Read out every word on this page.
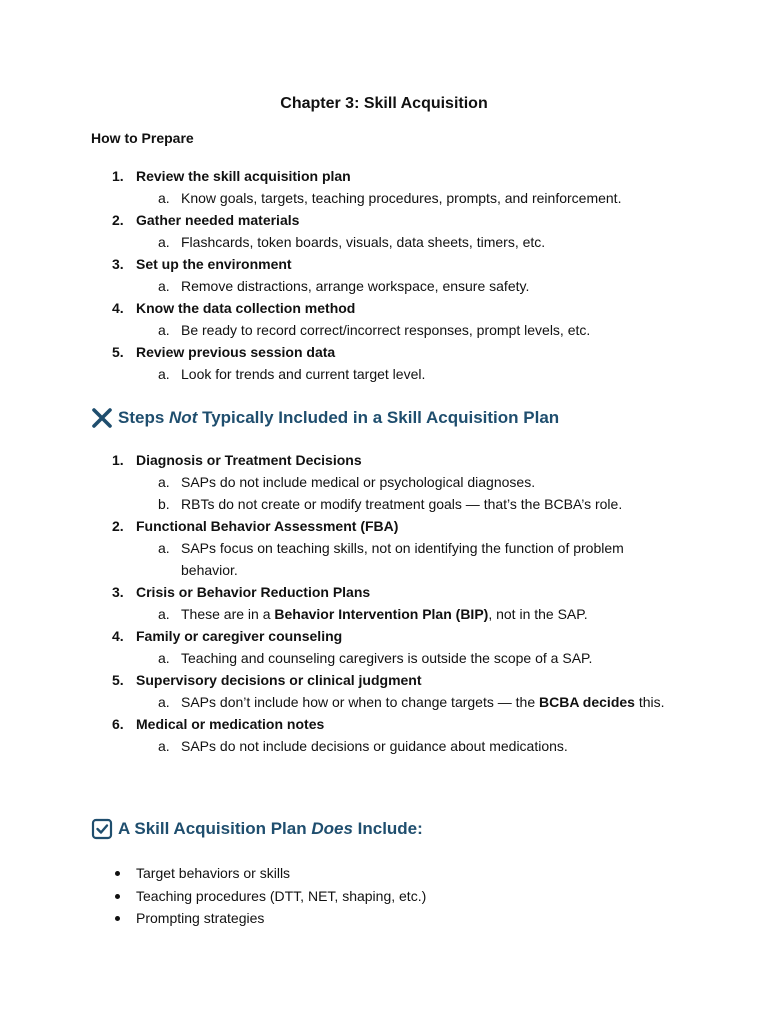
Chapter 3: Skill Acquisition
How to Prepare
1. Review the skill acquisition plan
a. Know goals, targets, teaching procedures, prompts, and reinforcement.
2. Gather needed materials
a. Flashcards, token boards, visuals, data sheets, timers, etc.
3. Set up the environment
a. Remove distractions, arrange workspace, ensure safety.
4. Know the data collection method
a. Be ready to record correct/incorrect responses, prompt levels, etc.
5. Review previous session data
a. Look for trends and current target level.
Steps Not Typically Included in a Skill Acquisition Plan
1. Diagnosis or Treatment Decisions
a. SAPs do not include medical or psychological diagnoses.
b. RBTs do not create or modify treatment goals — that’s the BCBA’s role.
2. Functional Behavior Assessment (FBA)
a. SAPs focus on teaching skills, not on identifying the function of problem behavior.
3. Crisis or Behavior Reduction Plans
a. These are in a Behavior Intervention Plan (BIP), not in the SAP.
4. Family or caregiver counseling
a. Teaching and counseling caregivers is outside the scope of a SAP.
5. Supervisory decisions or clinical judgment
a. SAPs don’t include how or when to change targets — the BCBA decides this.
6. Medical or medication notes
a. SAPs do not include decisions or guidance about medications.
A Skill Acquisition Plan Does Include:
Target behaviors or skills
Teaching procedures (DTT, NET, shaping, etc.)
Prompting strategies
